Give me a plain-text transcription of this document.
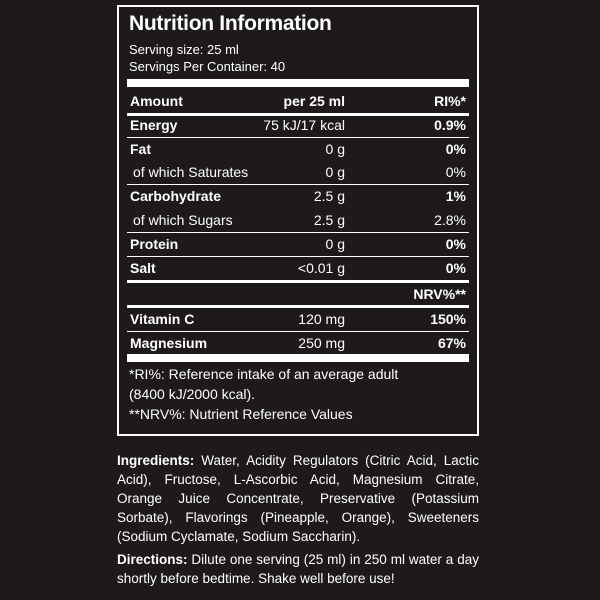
Nutrition Information
Serving size: 25 ml
Servings Per Container: 40
Amount	per 25 ml	RI%*
Energy	75 kJ/17 kcal	0.9%
Fat	0 g	0%
of which Saturates	0 g	0%
Carbohydrate	2.5 g	1%
of which Sugars	2.5 g	2.8%
Protein	0 g	0%
Salt	<0.01 g	0%
NRV%**
Vitamin C	120 mg	150%
Magnesium	250 mg	67%
*RI%: Reference intake of an average adult
(8400 kJ/2000 kcal).
**NRV%: Nutrient Reference Values
Ingredients: Water, Acidity Regulators (Citric Acid, Lactic Acid), Fructose, L-Ascorbic Acid, Magnesium Citrate, Orange Juice Concentrate, Preservative (Potassium Sorbate), Flavorings (Pineapple, Orange), Sweeteners (Sodium Cyclamate, Sodium Saccharin).
Directions: Dilute one serving (25 ml) in 250 ml water a day shortly before bedtime. Shake well before use!
